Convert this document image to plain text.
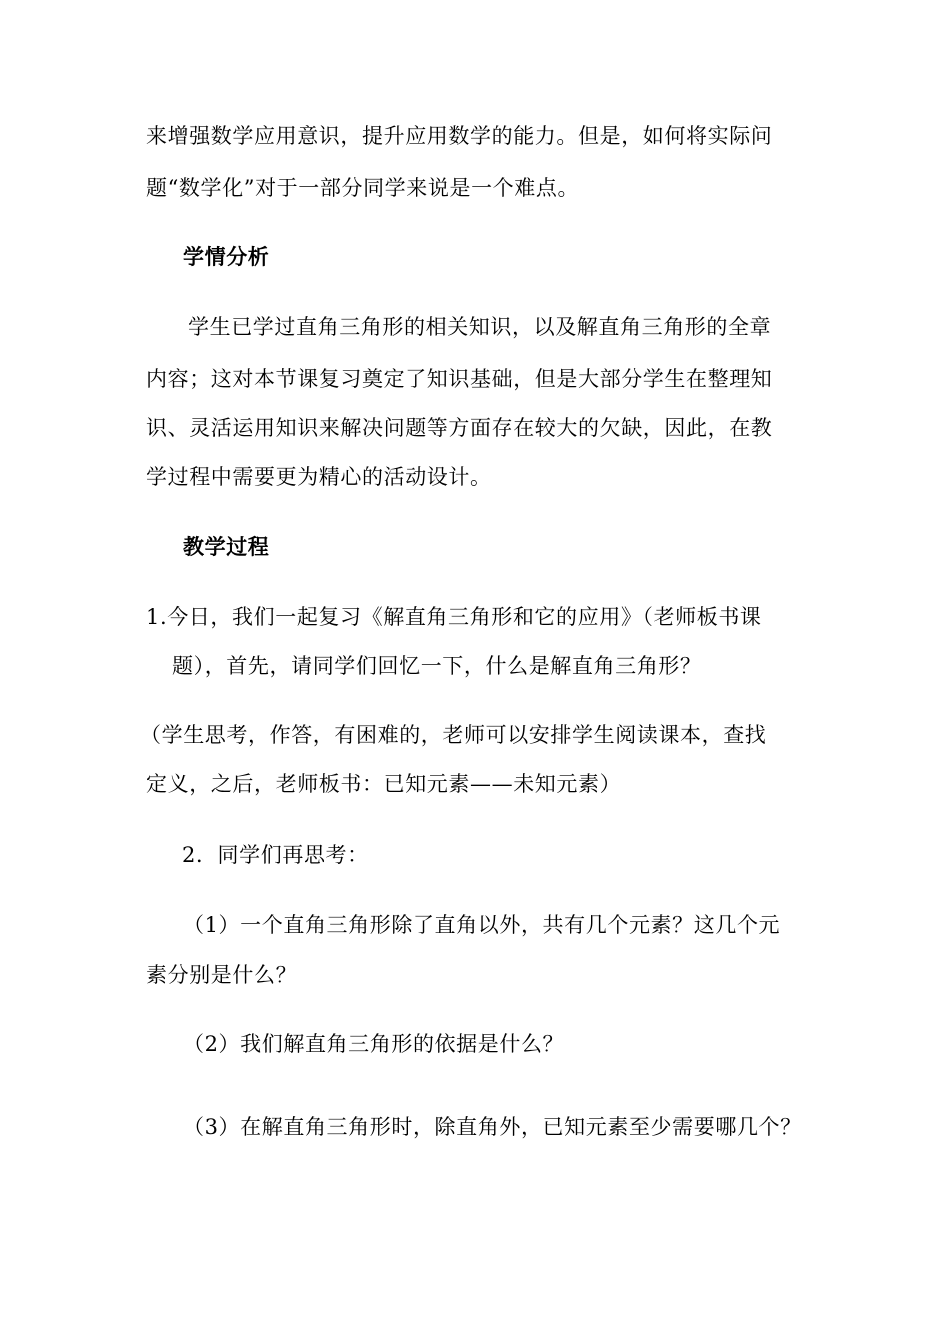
来增强数学应用意识，提升应用数学的能力。但是，如何将实际问
题“数学化”对于一部分同学来说是一个难点。
学情分析
学生已学过直角三角形的相关知识，以及解直角三角形的全章
内容；这对本节课复习奠定了知识基础，但是大部分学生在整理知
识、灵活运用知识来解决问题等方面存在较大的欠缺，因此，在教
学过程中需要更为精心的活动设计。
教学过程
1.今日，我们一起复习《解直角三角形和它的应用》（老师板书课
题），首先，请同学们回忆一下，什么是解直角三角形？
（学生思考，作答，有困难的，老师可以安排学生阅读课本，查找
定义，之后，老师板书：已知元素——未知元素）
2．同学们再思考：
（1）一个直角三角形除了直角以外，共有几个元素？这几个元
素分别是什么？
（2）我们解直角三角形的依据是什么？
（3）在解直角三角形时，除直角外，已知元素至少需要哪几个？
